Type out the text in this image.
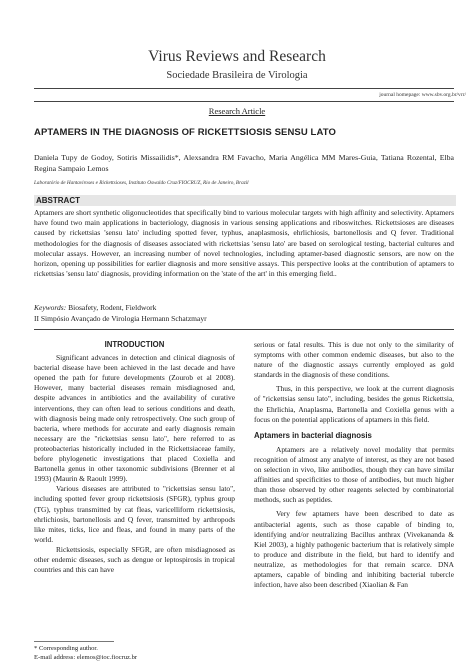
Virus Reviews and Research
Sociedade Brasileira de Virologia
journal homepage: www.sbv.org.br/vrr/
Research Article
APTAMERS IN THE DIAGNOSIS OF RICKETTSIOSIS SENSU LATO
Daniela Tupy de Godoy, Sotiris Missailidis*, Alexsandra RM Favacho, Maria Angélica MM Mares-Guia, Tatiana Rozental, Elba Regina Sampaio Lemos
Laboratório de Hantaviroses e Rickettsioses, Instituto Oswaldo Cruz/FIOCRUZ, Rio de Janeiro, Brazil
ABSTRACT
Aptamers are short synthetic oligonucleotides that specifically bind to various molecular targets with high affinity and selectivity. Aptamers have found two main applications in bacteriology, diagnosis in various sensing applications and riboswitches. Rickettsioses are diseases caused by rickettsias 'sensu lato' including spotted fever, typhus, anaplasmosis, ehrlichiosis, bartonellosis and Q fever. Traditional methodologies for the diagnosis of diseases associated with rickettsias 'sensu lato' are based on serological testing, bacterial cultures and molecular assays. However, an increasing number of novel technologies, including aptamer-based diagnostic sensors, are now on the horizon, opening up possibilities for earlier diagnosis and more sensitive assays. This perspective looks at the contribution of aptamers to rickettsias 'sensu lato' diagnosis, providing information on the 'state of the art' in this emerging field..
Keywords: Biosafety, Rodent, Fieldwork
II Simpósio Avançado de Virologia Hermann Schatzmayr

INTRODUCTION

Significant advances in detection and clinical diagnosis of bacterial disease have been achieved in the last decade and have opened the path for future developments (Zourob et al 2008). However, many bacterial diseases remain misdiagnosed and, despite advances in antibiotics and the availability of curative interventions, they can often lead to serious conditions and death, with diagnosis being made only retrospectively. One such group of bacteria, where methods for accurate and early diagnosis remain necessary are the "rickettsias sensu lato", here referred to as proteobacterias historically included in the Rickettsiaceae family, before phylogenetic investigations that placed Coxiella and Bartonella genus in other taxonomic subdivisions (Brenner et al 1993) (Maurin & Raoult 1999).

Various diseases are attributed to "rickettsias sensu lato", including spotted fever group rickettsiosis (SFGR), typhus group (TG), typhus transmitted by cat fleas, varicelliform rickettsiosis, ehrlichiosis, bartonellosis and Q fever, transmitted by arthropods like mites, ticks, lice and fleas, and found in many parts of the world.

Rickettsiosis, especially SFGR, are often misdiagnosed as other endemic diseases, such as dengue or leptospirosis in tropical countries and this can have

* Corresponding author.
E-mail address: elemos@ioc.fiocruz.br

serious or fatal results. This is due not only to the similarity of symptoms with other common endemic diseases, but also to the nature of the diagnostic assays currently employed as gold standards in the diagnosis of these conditions.

Thus, in this perspective, we look at the current diagnosis of "rickettsias sensu lato", including, besides the genus Rickettsia, the Ehrlichia, Anaplasma, Bartonella and Coxiella genus with a focus on the potential applications of aptamers in this field.

Aptamers in bacterial diagnosis

Aptamers are a relatively novel modality that permits recognition of almost any analyte of interest, as they are not based on selection in vivo, like antibodies, though they can have similar affinities and specificities to those of antibodies, but much higher than those observed by other reagents selected by combinatorial methods, such as peptides.

Very few aptamers have been described to date as antibacterial agents, such as those capable of binding to, identifying and/or neutralizing Bacillus anthrax (Vivekananda & Kiel 2003), a highly pathogenic bacterium that is relatively simple to produce and distribute in the field, but hard to identify and neutralize, as methodologies for that remain scarce. DNA aptamers, capable of binding and inhibiting bacterial tubercle infection, have also been described (Xiaolian & Fan
